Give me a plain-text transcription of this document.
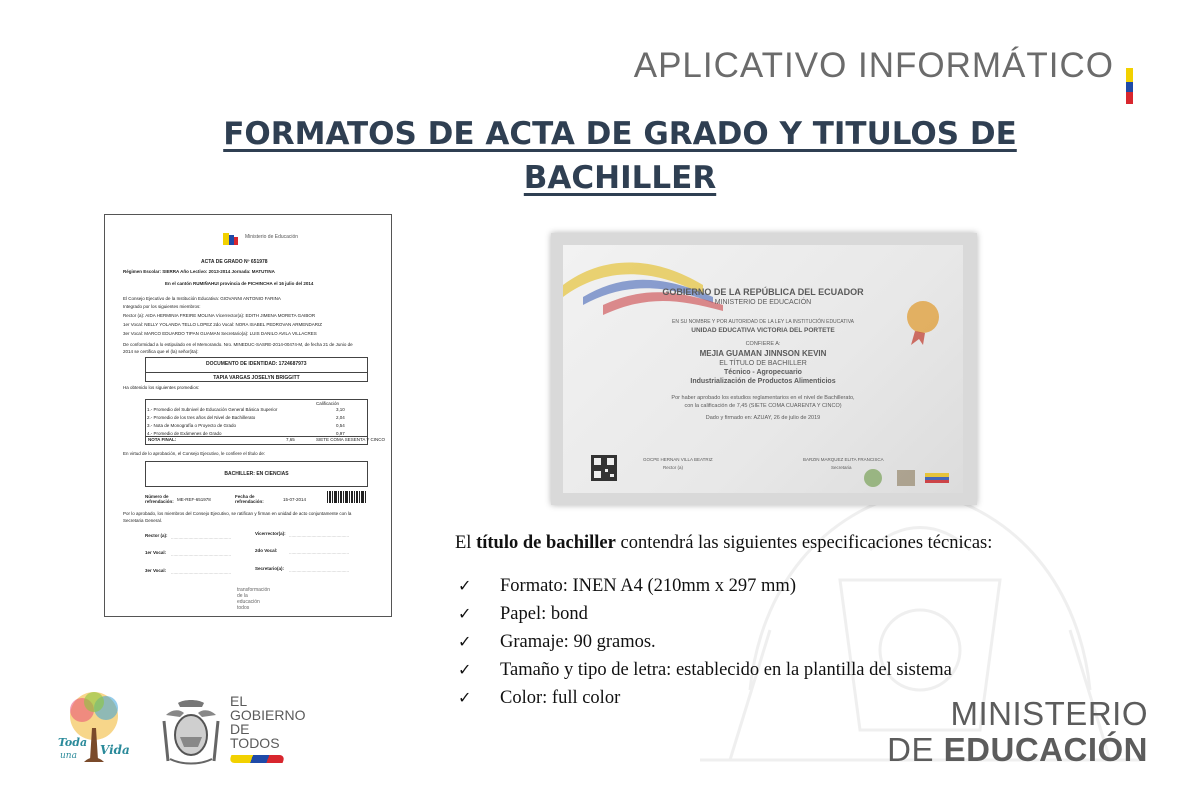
APLICATIVO INFORMÁTICO
FORMATOS DE ACTA DE GRADO Y TITULOS DE
BACHILLER
Ministerio de Educación
ACTA DE GRADO Nº 651978
Régimen Escolar: SIERRA Año Lectivo: 2013-2014 Jornada: MATUTINA
En el cantón RUMIÑAHUI provincia de PICHINCHA el 16 julio del 2014
El Consejo Ejecutivo de la Institución Educativa: GIOVANNI ANTONIO FARINA
Integrado por los siguientes miembros:
Rector (a): AIDA HERMINIA FREIRE MOLINA Vicerrector(a): EDITH JIMENA MORETA GAIBOR
1er Vocal: NELLY YOLANDA TELLO LOPEZ 2do Vocal: NORA ISABEL PEDROVAN ARMENDARIZ
3er Vocal: MARCO EDUARDO TIPAN GUAMAN Secretario(a): LUIS DANILO AVILA VILLACRES
De conformidad a lo estipulado en el Memorando. Nro. MINEDUC-SASRE-2014-00474-M, de fecha 21 de Junio de
2014 se certifica que el (la) señor(ita):
DOCUMENTO DE IDENTIDAD: 1724687973
TAPIA VARGAS JOSELYN BRIGGITT
Ha obtenido los siguientes promedios:
Calificación
1.- Promedio del Subnivel de Educación General Básica Superior	3,10
2.- Promedio de los tres años del Nivel de Bachillerato	2,04
3.- Nota de Monografía o Proyecto de Grado	0,54
4.- Promedio de Exámenes de Grado	0,97
NOTA FINAL:	7,65	SIETE COMA SESENTA Y CINCO
En virtud de lo aprobación, el Consejo Ejecutivo, le confiere el título de:
BACHILLER: EN CIENCIAS
Número de refrendación: ME-REF-651978
Fecha de refrendación:	15-07-2014
Por lo aprobado, los miembros del Consejo Ejecutivo, se ratifican y firman en unidad de acto conjuntamente con la
Secretaria General.
Rector (a):	Vicerrector(a):
1er Vocal:	2do Vocal:
3er Vocal:	Secretario(a):
................................................	................................................
................................................	................................................
................................................	................................................
transformación de la educación todos
GOBIERNO DE LA REPÚBLICA DEL ECUADOR
MINISTERIO DE EDUCACIÓN
EN SU NOMBRE Y POR AUTORIDAD DE LA LEY LA INSTITUCIÓN EDUCATIVA
UNIDAD EDUCATIVA VICTORIA DEL PORTETE
CONFIERE A:
MEJIA GUAMAN JINNSON KEVIN
EL TÍTULO DE BACHILLER
Técnico - Agropecuario
Industrialización de Productos Alimenticios
Por haber aprobado los estudios reglamentarios en el nivel de Bachillerato,
con la calificación de 7,45 (SIETE COMA CUARENTA Y CINCO)
Dado y firmado en: AZUAY, 26 de julio de 2019
GOCPE HERNAN VILLA BEATRIZ
Rector (a)
BARZIN MARQUEZ ELITA FRANCISCA
Secretaria
El título de bachiller contendrá las siguientes especificaciones técnicas:
✓ Formato: INEN A4 (210mm x 297 mm)
✓ Papel: bond
✓ Gramaje: 90 gramos.
✓ Tamaño y tipo de letra: establecido en la plantilla del sistema
✓ Color: full color
Toda
una Vida
EL
GOBIERNO
DE TODOS
MINISTERIO
DE EDUCACIÓN
